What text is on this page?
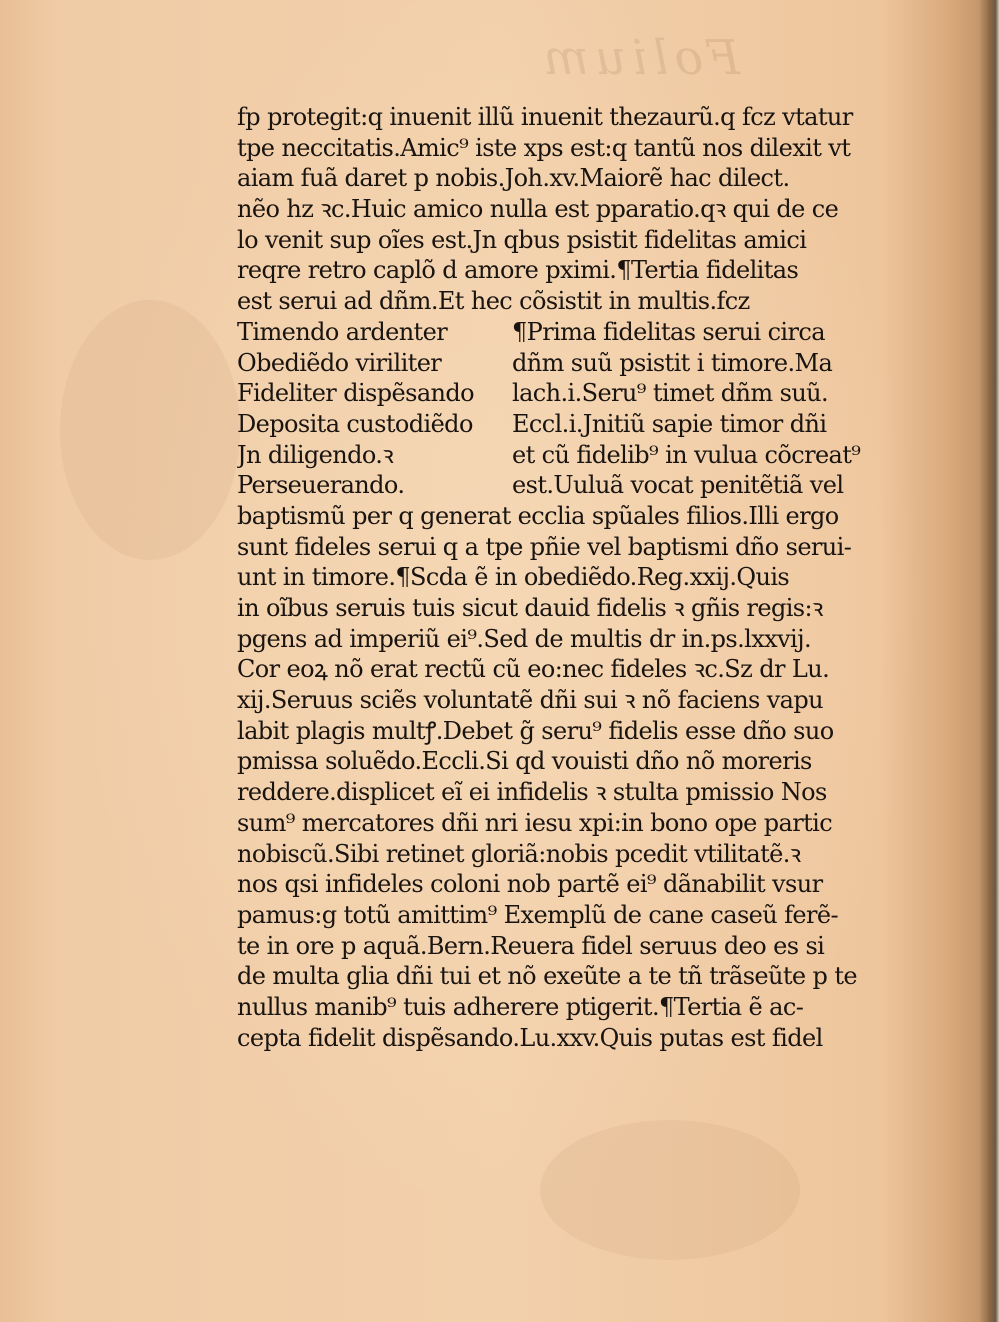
Folium
fp protegit:q inuenit illũ inuenit thezaurũ.q fcz vtatur
tpe neccitatis.Amic⁹ iste xps est:q tantũ nos dilexit vt
aiam fuã daret p nobis.Joh.xv.Maiorẽ hac dilect.
nẽo hz ꝛc.Huic amico nulla est pparatio.qꝛ qui de ce
lo venit sup oĩes est.Jn qbus psistit fidelitas amici
reqre retro caplõ d amore pximi.¶Tertia fidelitas
est serui ad dñm.Et hec cõsistit in multis.fcz
Timendo ardenter	¶Prima fidelitas serui circa
Obediẽdo viriliter	dñm suũ psistit i timore.Ma
Fideliter dispẽsando	lach.i.Seru⁹ timet dñm suũ.
Deposita custodiẽdo	Eccl.i.Jnitiũ sapie timor dñi
Jn diligendo.ꝛ	et cũ fidelib⁹ in vulua cõcreat⁹
Perseuerando.	est.Uuluã vocat penitẽtiã vel
baptismũ per q generat ecclia spũales filios.Illi ergo
sunt fideles serui q a tpe pñie vel baptismi dño serui-
unt in timore.¶Scda ẽ in obediẽdo.Reg.xxij.Quis
in oĩbus seruis tuis sicut dauid fidelis ꝛ gñis regis:ꝛ
pgens ad imperiũ ei⁹.Sed de multis dr in.ps.lxxvij.
Cor eoꝝ nõ erat rectũ cũ eo:nec fideles ꝛc.Sz dr Lu.
xij.Seruus sciẽs voluntatẽ dñi sui ꝛ nõ faciens vapu
labit plagis multꝭ.Debet g̃ seru⁹ fidelis esse dño suo
pmissa soluẽdo.Eccli.Si qd vouisti dño nõ moreris
reddere.displicet eĩ ei infidelis ꝛ stulta pmissio Nos
sum⁹ mercatores dñi nri iesu xpi:in bono ope partic
nobiscũ.Sibi retinet gloriã:nobis pcedit vtilitatẽ.ꝛ
nos qsi infideles coloni nob partẽ ei⁹ dãnabilit vsur
pamus:g totũ amittim⁹ Exemplũ de cane caseũ ferẽ-
te in ore p aquã.Bern.Reuera fidel seruus deo es si
de multa glia dñi tui et nõ exeũte a te tñ trãseũte p te
nullus manib⁹ tuis adherere ptigerit.¶Tertia ẽ ac-
cepta fidelit dispẽsando.Lu.xxv.Quis putas est fidel
